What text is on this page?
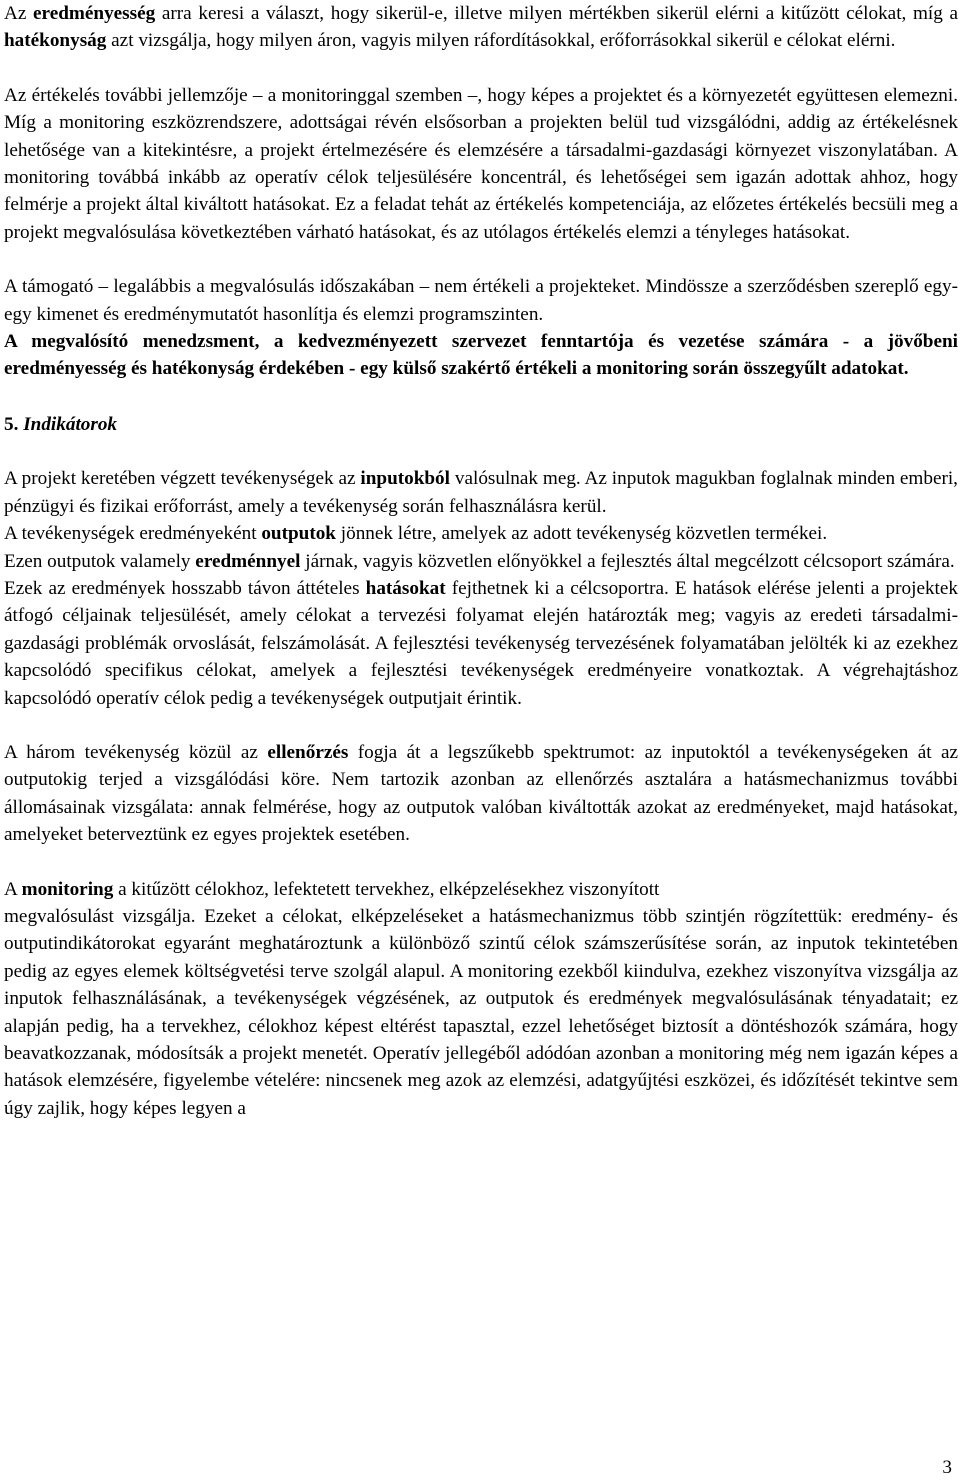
Az eredményesség arra keresi a választ, hogy sikerül-e, illetve milyen mértékben sikerül elérni a kitűzött célokat, míg a hatékonyság azt vizsgálja, hogy milyen áron, vagyis milyen ráfordításokkal, erőforrásokkal sikerül e célokat elérni.

Az értékelés további jellemzője – a monitoringgal szemben –, hogy képes a projektet és a környezetét együttesen elemezni. Míg a monitoring eszközrendszere, adottságai révén elsősorban a projekten belül tud vizsgálódni, addig az értékelésnek lehetősége van a kitekintésre, a projekt értelmezésére és elemzésére a társadalmi-gazdasági környezet viszonylatában. A monitoring továbbá inkább az operatív célok teljesülésére koncentrál, és lehetőségei sem igazán adottak ahhoz, hogy felmérje a projekt által kiváltott hatásokat. Ez a feladat tehát az értékelés kompetenciája, az előzetes értékelés becsüli meg a projekt megvalósulása következtében várható hatásokat, és az utólagos értékelés elemzi a tényleges hatásokat.

A támogató – legalábbis a megvalósulás időszakában – nem értékeli a projekteket. Mindössze a szerződésben szereplő egy-egy kimenet és eredménymutatót hasonlítja és elemzi programszinten.

A megvalósító menedzsment, a kedvezményezett szervezet fenntartója és vezetése számára - a jövőbeni eredményesség és hatékonyság érdekében - egy külső szakértő értékeli a monitoring során összegyűlt adatokat.

5. Indikátorok

A projekt keretében végzett tevékenységek az inputokból valósulnak meg. Az inputok magukban foglalnak minden emberi, pénzügyi és fizikai erőforrást, amely a tevékenység során felhasználásra kerül.

A tevékenységek eredményeként outputok jönnek létre, amelyek az adott tevékenység közvetlen termékei.

Ezen outputok valamely eredménnyel járnak, vagyis közvetlen előnyökkel a fejlesztés által megcélzott célcsoport számára.

Ezek az eredmények hosszabb távon áttételes hatásokat fejthetnek ki a célcsoportra. E hatások elérése jelenti a projektek átfogó céljainak teljesülését, amely célokat a tervezési folyamat elején határozták meg; vagyis az eredeti társadalmi-gazdasági problémák orvoslását, felszámolását. A fejlesztési tevékenység tervezésének folyamatában jelölték ki az ezekhez kapcsolódó specifikus célokat, amelyek a fejlesztési tevékenységek eredményeire vonatkoztak. A végrehajtáshoz kapcsolódó operatív célok pedig a tevékenységek outputjait érintik.

A három tevékenység közül az ellenőrzés fogja át a legszűkebb spektrumot: az inputoktól a tevékenységeken át az outputokig terjed a vizsgálódási köre. Nem tartozik azonban az ellenőrzés asztalára a hatásmechanizmus további állomásainak vizsgálata: annak felmérése, hogy az outputok valóban kiváltották azokat az eredményeket, majd hatásokat, amelyeket beterveztünk ez egyes projektek esetében.

A monitoring a kitűzött célokhoz, lefektetett tervekhez, elképzelésekhez viszonyított

megvalósulást vizsgálja. Ezeket a célokat, elképzeléseket a hatásmechanizmus több szintjén rögzítettük: eredmény- és outputindikátorokat egyaránt meghatároztunk a különböző szintű célok számszerűsítése során, az inputok tekintetében pedig az egyes elemek költségvetési terve szolgál alapul. A monitoring ezekből kiindulva, ezekhez viszonyítva vizsgálja az inputok felhasználásának, a tevékenységek végzésének, az outputok és eredmények megvalósulásának tényadatait; ez alapján pedig, ha a tervekhez, célokhoz képest eltérést tapasztal, ezzel lehetőséget biztosít a döntéshozók számára, hogy beavatkozzanak, módosítsák a projekt menetét. Operatív jellegéből adódóan azonban a monitoring még nem igazán képes a hatások elemzésére, figyelembe vételére: nincsenek meg azok az elemzési, adatgyűjtési eszközei, és időzítését tekintve sem úgy zajlik, hogy képes legyen a

3
